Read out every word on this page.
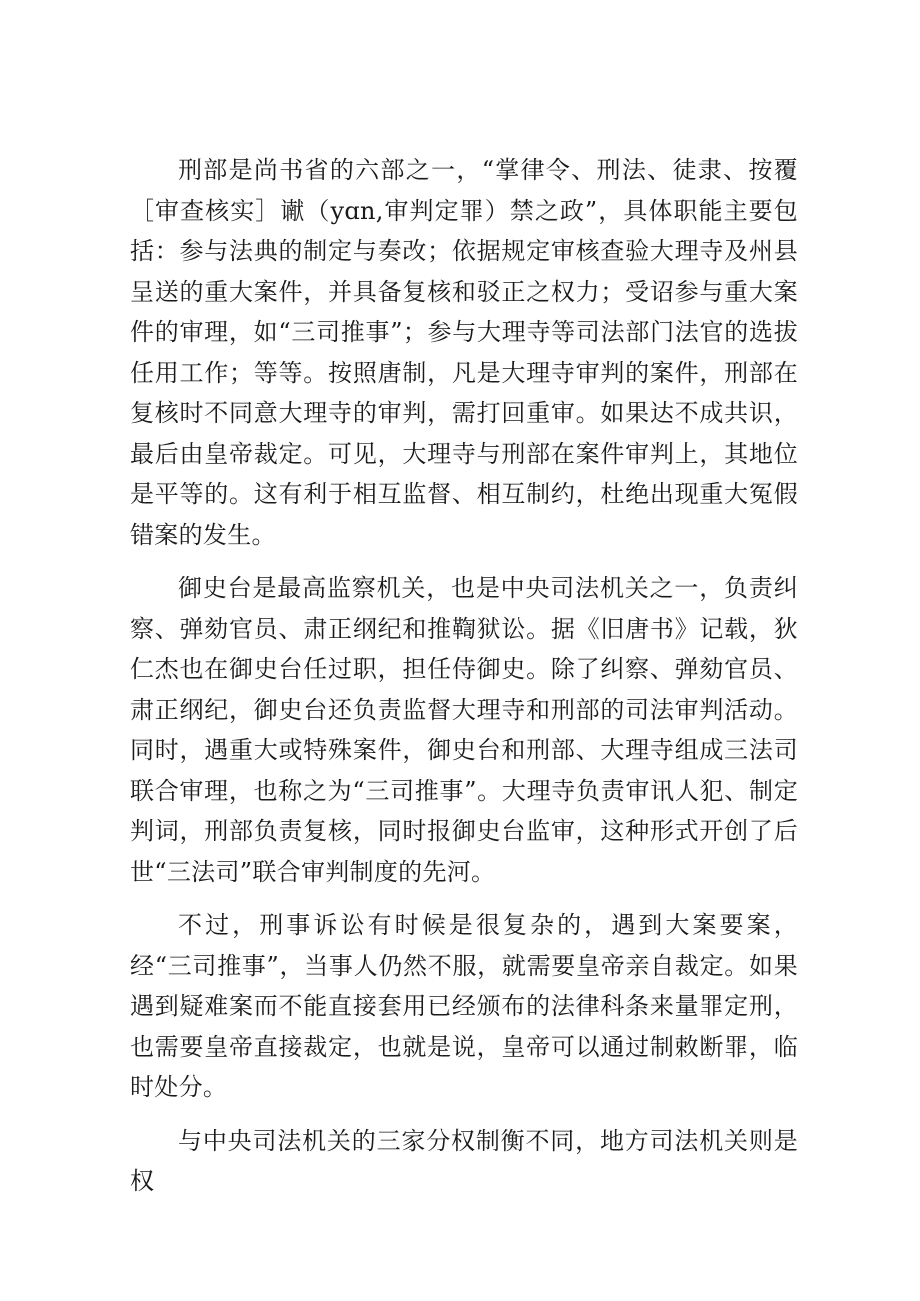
刑部是尚书省的六部之一，“掌律令、刑法、徒隶、按覆［审查核实］谳（yɑn,审判定罪）禁之政”，具体职能主要包括：参与法典的制定与奏改；依据规定审核查验大理寺及州县呈送的重大案件，并具备复核和驳正之权力；受诏参与重大案件的审理，如“三司推事”；参与大理寺等司法部门法官的选拔任用工作；等等。按照唐制，凡是大理寺审判的案件，刑部在复核时不同意大理寺的审判，需打回重审。如果达不成共识，最后由皇帝裁定。可见，大理寺与刑部在案件审判上，其地位是平等的。这有利于相互监督、相互制约，杜绝出现重大冤假错案的发生。

御史台是最高监察机关，也是中央司法机关之一，负责纠察、弹劾官员、肃正纲纪和推鞫狱讼。据《旧唐书》记载，狄仁杰也在御史台任过职，担任侍御史。除了纠察、弹劾官员、肃正纲纪，御史台还负责监督大理寺和刑部的司法审判活动。同时，遇重大或特殊案件，御史台和刑部、大理寺组成三法司联合审理，也称之为“三司推事”。大理寺负责审讯人犯、制定判词，刑部负责复核，同时报御史台监审，这种形式开创了后世“三法司”联合审判制度的先河。

不过，刑事诉讼有时候是很复杂的，遇到大案要案，经“三司推事”，当事人仍然不服，就需要皇帝亲自裁定。如果遇到疑难案而不能直接套用已经颁布的法律科条来量罪定刑，也需要皇帝直接裁定，也就是说，皇帝可以通过制敕断罪，临时处分。

与中央司法机关的三家分权制衡不同，地方司法机关则是权
